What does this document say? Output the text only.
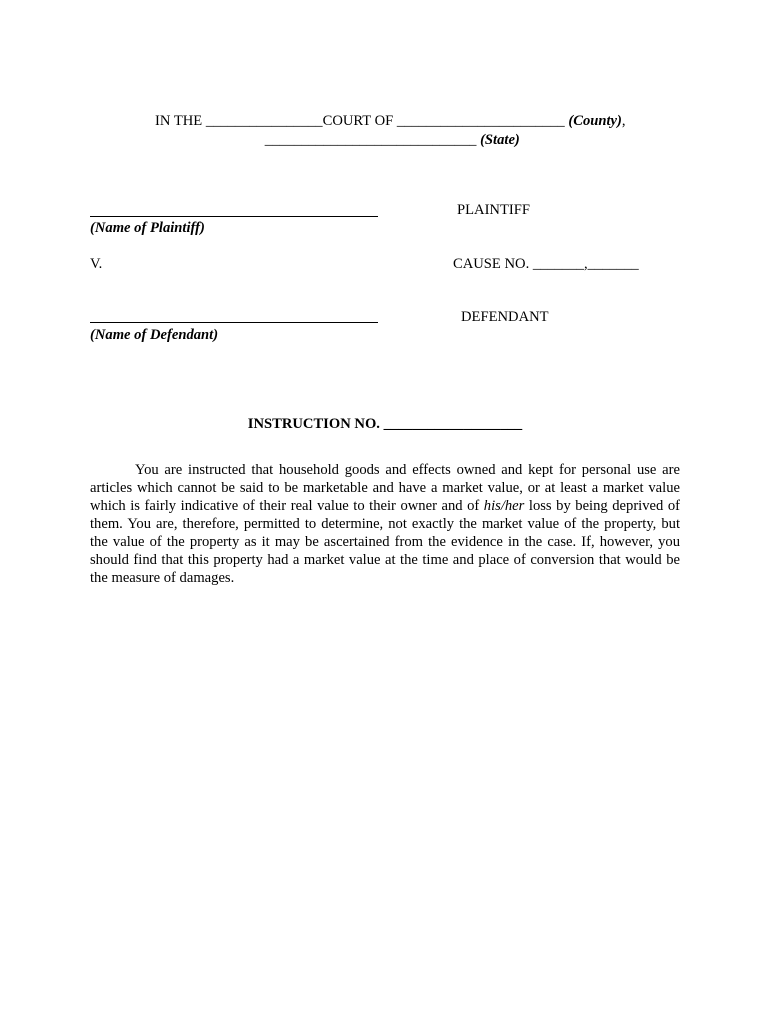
IN THE ________________COURT OF _______________________ (County),

_____________________________ (State)

(Name of Plaintiff)
PLAINTIFF
V.	CAUSE NO. _______,_______
(Name of Defendant)
DEFENDANT
INSTRUCTION NO. ___________________
You are instructed that household goods and effects owned and kept for personal use are articles which cannot be said to be marketable and have a market value, or at least a market value which is fairly indicative of their real value to their owner and of his/her loss by being deprived of them. You are, therefore, permitted to determine, not exactly the market value of the property, but the value of the property as it may be ascertained from the evidence in the case. If, however, you should find that this property had a market value at the time and place of conversion that would be the measure of damages.
